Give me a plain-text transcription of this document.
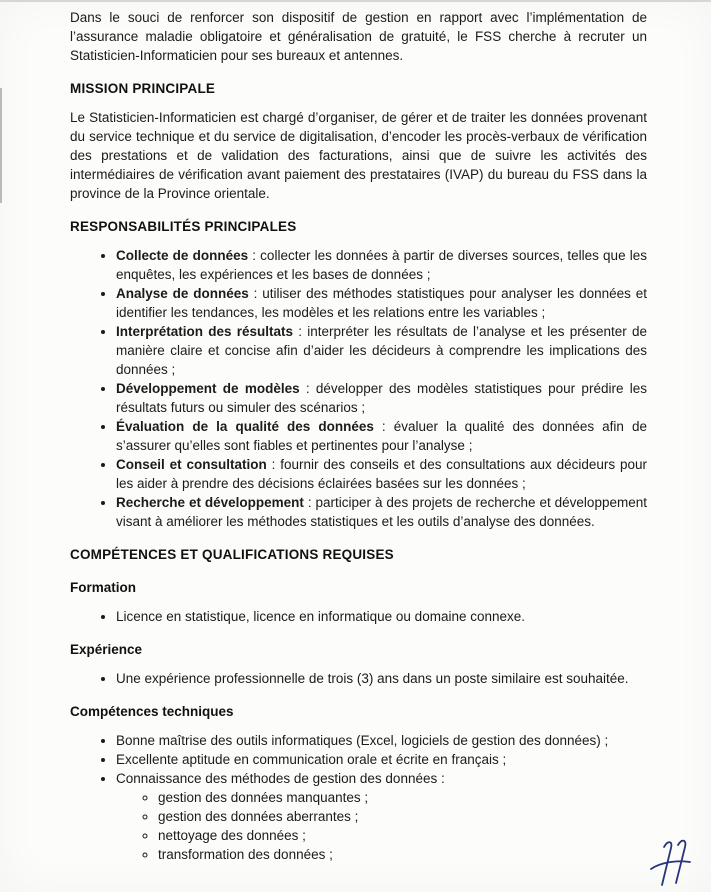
Dans le souci de renforcer son dispositif de gestion en rapport avec l’implémentation de l’assurance maladie obligatoire et généralisation de gratuité, le FSS cherche à recruter un Statisticien-Informaticien pour ses bureaux et antennes.

MISSION PRINCIPALE

Le Statisticien-Informaticien est chargé d’organiser, de gérer et de traiter les données provenant du service technique et du service de digitalisation, d’encoder les procès-verbaux de vérification des prestations et de validation des facturations, ainsi que de suivre les activités des intermédiaires de vérification avant paiement des prestataires (IVAP) du bureau du FSS dans la province de la Province orientale.

RESPONSABILITÉS PRINCIPALES
• Collecte de données : collecter les données à partir de diverses sources, telles que les enquêtes, les expériences et les bases de données ;
• Analyse de données : utiliser des méthodes statistiques pour analyser les données et identifier les tendances, les modèles et les relations entre les variables ;
• Interprétation des résultats : interpréter les résultats de l’analyse et les présenter de manière claire et concise afin d’aider les décideurs à comprendre les implications des données ;
• Développement de modèles : développer des modèles statistiques pour prédire les résultats futurs ou simuler des scénarios ;
• Évaluation de la qualité des données : évaluer la qualité des données afin de s’assurer qu’elles sont fiables et pertinentes pour l’analyse ;
• Conseil et consultation : fournir des conseils et des consultations aux décideurs pour les aider à prendre des décisions éclairées basées sur les données ;
• Recherche et développement : participer à des projets de recherche et développement visant à améliorer les méthodes statistiques et les outils d’analyse des données.
COMPÉTENCES ET QUALIFICATIONS REQUISES
Formation
• Licence en statistique, licence en informatique ou domaine connexe.
Expérience
• Une expérience professionnelle de trois (3) ans dans un poste similaire est souhaitée.
Compétences techniques
• Bonne maîtrise des outils informatiques (Excel, logiciels de gestion des données) ;
• Excellente aptitude en communication orale et écrite en français ;
• Connaissance des méthodes de gestion des données :
◦ gestion des données manquantes ;
◦ gestion des données aberrantes ;
◦ nettoyage des données ;
◦ transformation des données ;
